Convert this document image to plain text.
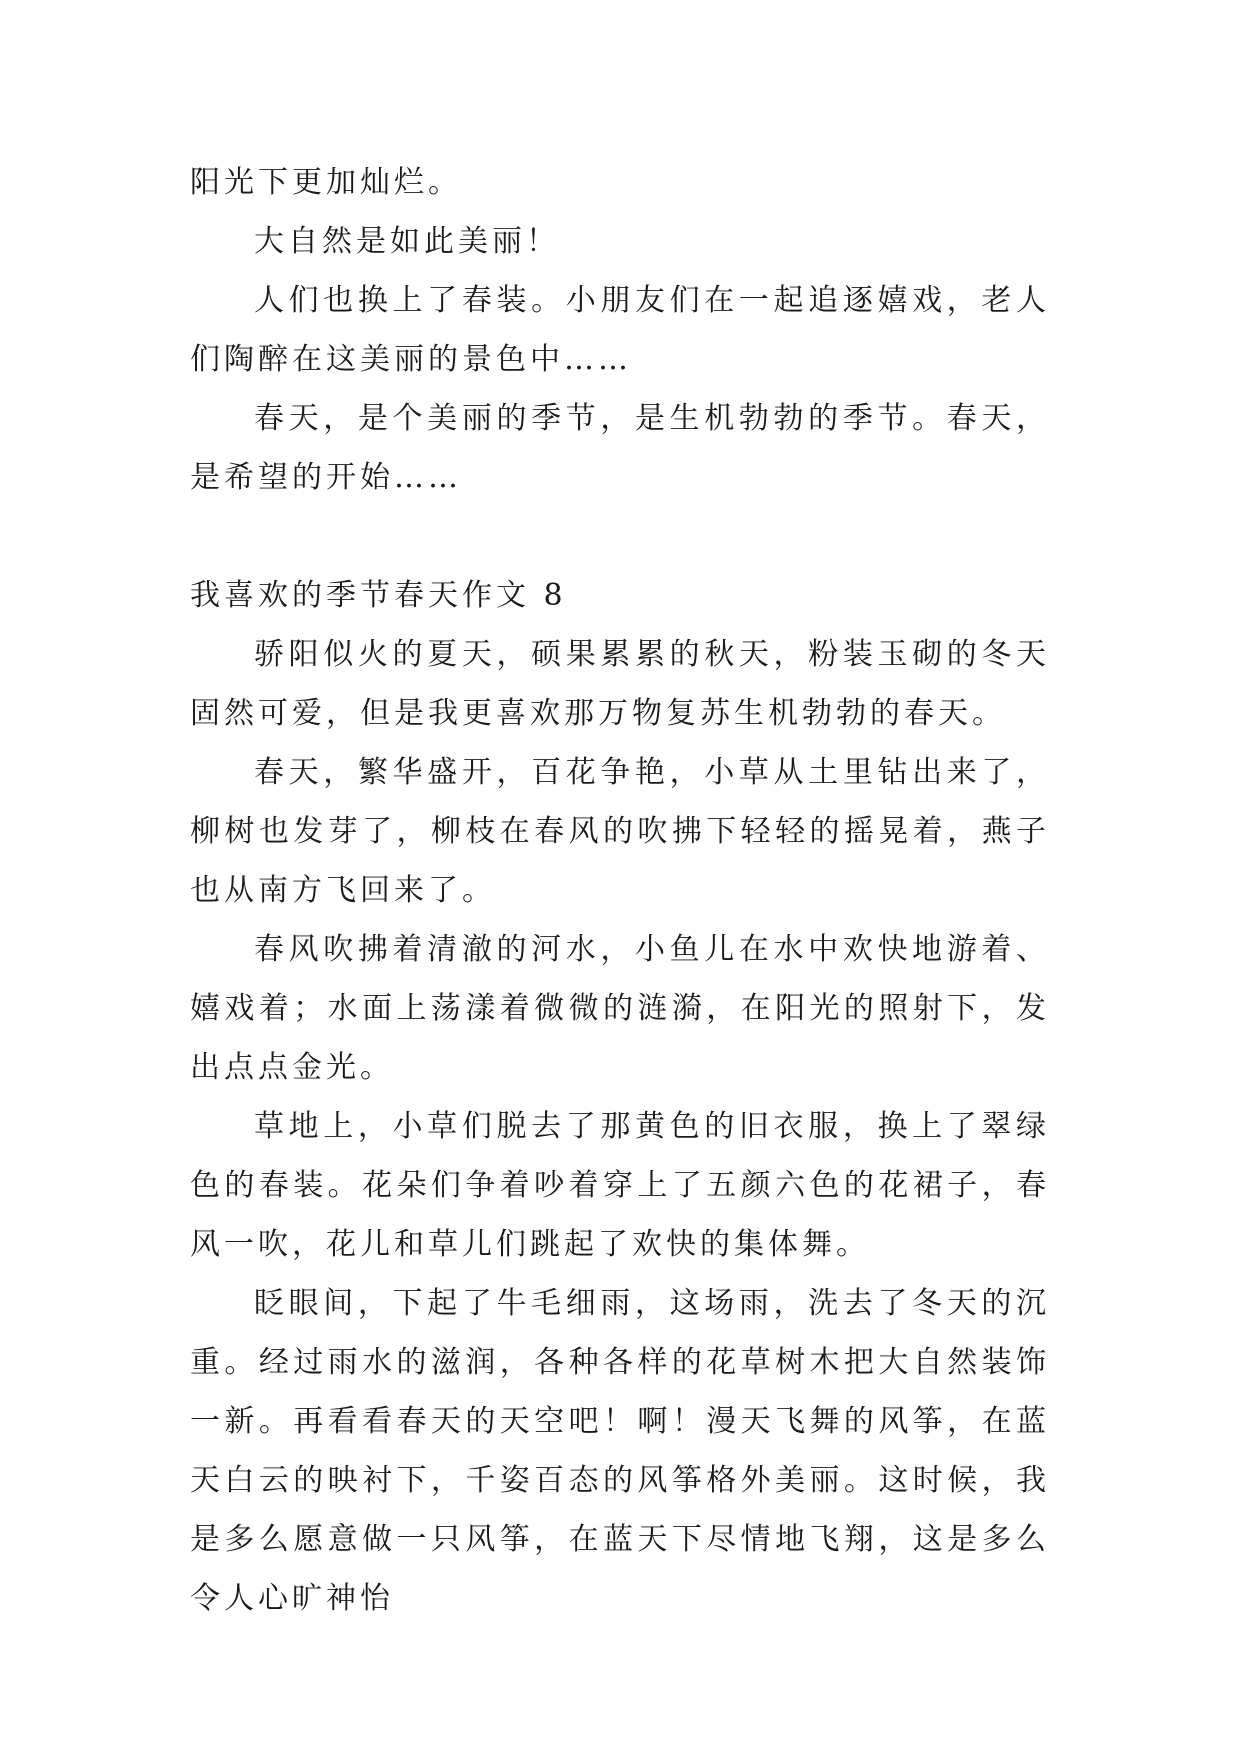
阳光下更加灿烂。

大自然是如此美丽！

人们也换上了春装。小朋友们在一起追逐嬉戏，老人们陶醉在这美丽的景色中……

春天，是个美丽的季节，是生机勃勃的季节。春天，是希望的开始……

我喜欢的季节春天作文 8

骄阳似火的夏天，硕果累累的秋天，粉装玉砌的冬天固然可爱，但是我更喜欢那万物复苏生机勃勃的春天。

春天，繁华盛开，百花争艳，小草从土里钻出来了，柳树也发芽了，柳枝在春风的吹拂下轻轻的摇晃着，燕子也从南方飞回来了。

春风吹拂着清澈的河水，小鱼儿在水中欢快地游着、嬉戏着；水面上荡漾着微微的涟漪，在阳光的照射下，发出点点金光。

草地上，小草们脱去了那黄色的旧衣服，换上了翠绿色的春装。花朵们争着吵着穿上了五颜六色的花裙子，春风一吹，花儿和草儿们跳起了欢快的集体舞。

眨眼间，下起了牛毛细雨，这场雨，洗去了冬天的沉重。经过雨水的滋润，各种各样的花草树木把大自然装饰一新。再看看春天的天空吧！啊！漫天飞舞的风筝，在蓝天白云的映衬下，千姿百态的风筝格外美丽。这时候，我是多么愿意做一只风筝，在蓝天下尽情地飞翔，这是多么令人心旷神怡
